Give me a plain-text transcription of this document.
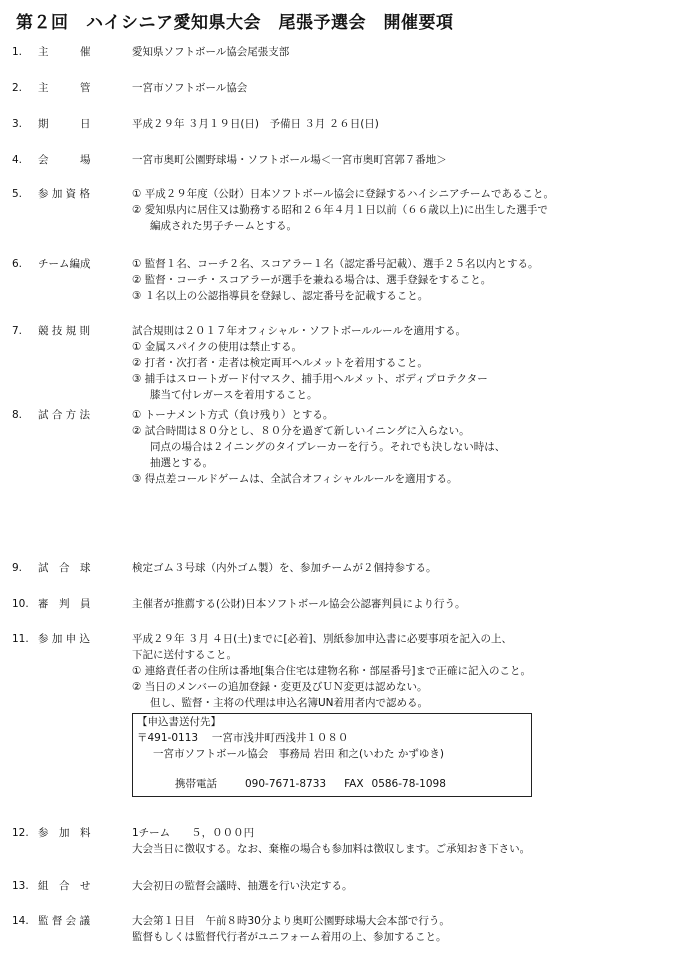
第２回　ハイシニア愛知県大会　尾張予選会　開催要項
1. 主　　　催	愛知県ソフトボール協会尾張支部
2. 主　　　管	一宮市ソフトボール協会
3. 期　　　日	平成２９年 ３月１９日(日)　予備日 ３月 ２６日(日)
4. 会　　　場	一宮市奥町公園野球場・ソフトボール場＜一宮市奥町宮郭７番地＞
5. 参 加 資 格	① 平成２９年度（公財）日本ソフトボール協会に登録するハイシニアチームであること。
② 愛知県内に居住又は勤務する昭和２６年４月１日以前（６６歳以上)に出生した選手で
編成された男子チームとする。
6. チーム編成	① 監督１名、コーチ２名、スコアラー１名（認定番号記載）、選手２５名以内とする。
② 監督・コーチ・スコアラーが選手を兼ねる場合は、選手登録をすること。
③ １名以上の公認指導員を登録し、認定番号を記載すること。
7. 競 技 規 則	試合規則は２０１７年オフィシャル・ソフトボールルールを適用する。
① 金属スパイクの使用は禁止する。
② 打者・次打者・走者は検定両耳ヘルメットを着用すること。
③ 捕手はスロートガード付マスク、捕手用ヘルメット、ボディプロテクター
膝当て付レガースを着用すること。
8. 試 合 方 法	① トーナメント方式（負け残り）とする。
② 試合時間は８０分とし、８０分を過ぎて新しいイニングに入らない。
同点の場合は２イニングのタイブレーカーを行う。それでも決しない時は、
抽選とする。
③ 得点差コールドゲームは、全試合オフィシャルルールを適用する。
9. 試　合　球	検定ゴム３号球（内外ゴム製）を、参加チームが２個持参する。
10. 審　判　員	主催者が推薦する(公財)日本ソフトボール協会公認審判員により行う。
11. 参 加 申 込	平成２９年 ３月 ４日(土)までに[必着]、別紙参加申込書に必要事項を記入の上、
下記に送付すること。
① 連絡責任者の住所は番地[集合住宅は建物名称・部屋番号]まで正確に記入のこと。
② 当日のメンバーの追加登録・変更及びＵＮ変更は認めない。
但し、監督・主将の代理は申込名簿UN着用者内で認める。
【申込書送付先】
〒491-0113　 一宮市浅井町西浅井１０８０
一宮市ソフトボール協会　事務局 岩田 和之(いわた かずゆき)
携帯電話	090-7671-8733 FAX 0586-78-1098
12. 参　加　料	1チーム　　５，０００円
大会当日に徴収する。なお、棄権の場合も参加料は徴収します。ご承知おき下さい。
13. 組　合　せ	大会初日の監督会議時、抽選を行い決定する。
14. 監 督 会 議	大会第１日目　午前８時30分より奥町公園野球場大会本部で行う。
監督もしくは監督代行者がユニフォーム着用の上、参加すること。
